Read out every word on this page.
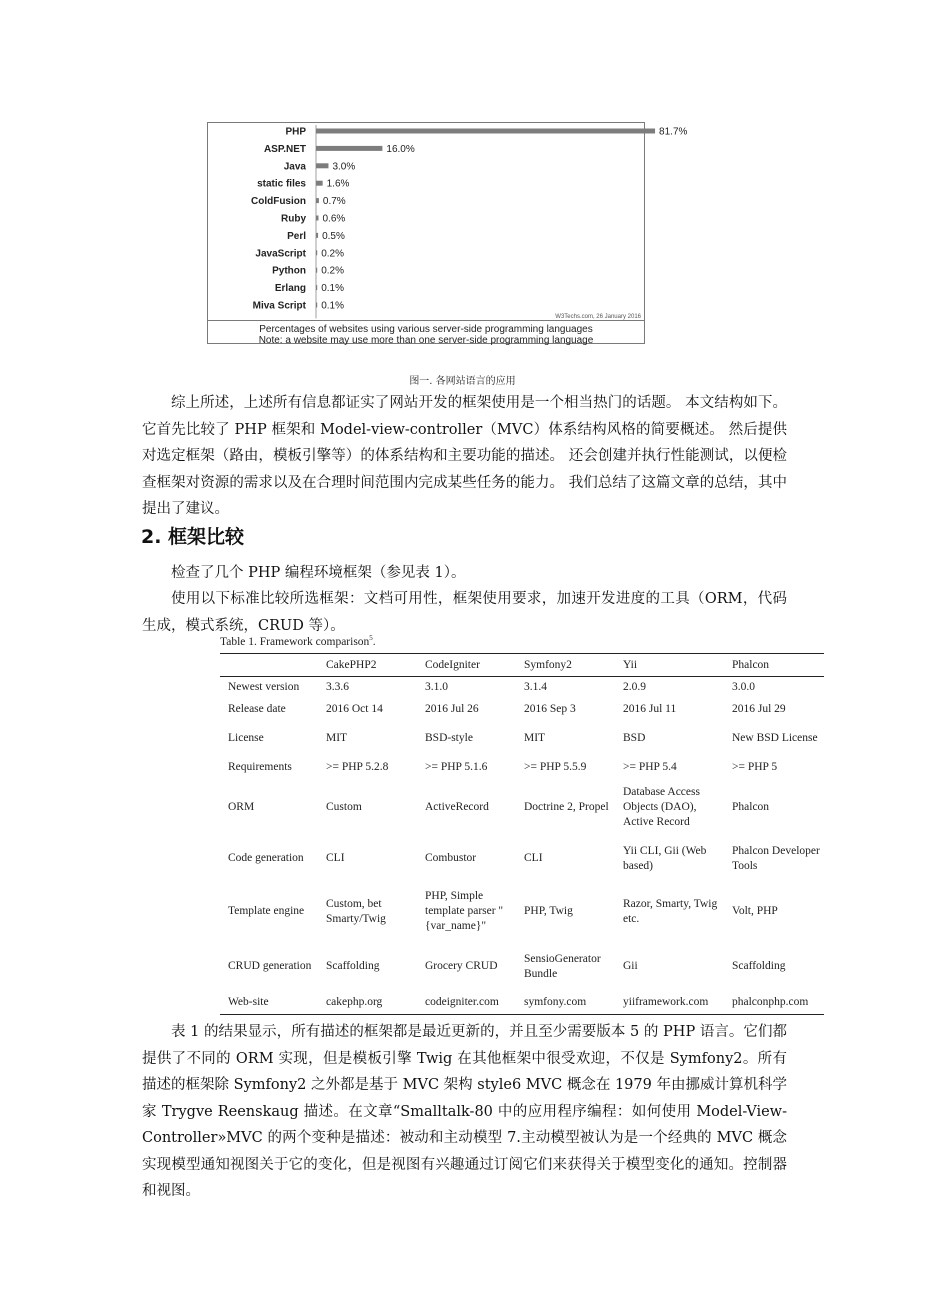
PHP	81.7%
ASP.NET	16.0%
Java	3.0%
static files 1.6%
ColdFusion 0.7%
Ruby 0.6%
Perl 0.5%
JavaScript 0.2%
Python 0.2%
Erlang 0.1%
Miva Script 0.1%
W3Techs.com, 26 January 2016
Percentages of websites using various server-side programming languages
Note: a website may use more than one server-side programming language
图一. 各网站语言的应用

综上所述，上述所有信息都证实了网站开发的框架使用是一个相当热门的话题。 本文结构如下。 它首先比较了 PHP 框架和 Model-view-controller（MVC）体系结构风格的简要概述。 然后提供对选定框架（路由，模板引擎等）的体系结构和主要功能的描述。 还会创建并执行性能测试，以便检查框架对资源的需求以及在合理时间范围内完成某些任务的能力。 我们总结了这篇文章的总结，其中提出了建议。

2. 框架比较

检查了几个 PHP 编程环境框架（参见表 1）。

使用以下标准比较所选框架：文档可用性，框架使用要求，加速开发进度的工具（ORM，代码生成，模式系统，CRUD 等）。

Table 1. Framework comparison$^5$.
	CakePHP2	CodeIgniter	Symfony2	Yii	Phalcon
Newest version	3.3.6	3.1.0	3.1.4	2.0.9	3.0.0
Release date	2016 Oct 14	2016 Jul 26	2016 Sep 3	2016 Jul 11	2016 Jul 29
License	MIT	BSD-style	MIT	BSD	New BSD License
Requirements	>= PHP 5.2.8	>= PHP 5.1.6	>= PHP 5.5.9	>= PHP 5.4	>= PHP 5
ORM	Custom	ActiveRecord	Doctrine 2, Propel	Database Access Objects (DAO), Active Record	Phalcon
Code generation	CLI	Combustor	CLI	Yii CLI, Gii (Web based)	Phalcon Developer Tools
Template engine	Custom, bet Smarty/Twig	PHP, Simple template parser "{var_name}"	PHP, Twig	Razor, Smarty, Twig etc.	Volt, PHP
CRUD generation	Scaffolding	Grocery CRUD	SensioGenerator Bundle	Gii	Scaffolding
Web-site	cakephp.org	codeigniter.com	symfony.com	yiiframework.com	phalconphp.com

表 1 的结果显示，所有描述的框架都是最近更新的，并且至少需要版本 5 的 PHP 语言。它们都提供了不同的 ORM 实现，但是模板引擎 Twig 在其他框架中很受欢迎，不仅是 Symfony2。所有描述的框架除 Symfony2 之外都是基于 MVC 架构 style6 MVC 概念在 1979 年由挪威计算机科学家 Trygve Reenskaug 描述。在文章“Smalltalk-80 中的应用程序编程：如何使用 Model-View-Controller»MVC 的两个变种是描述：被动和主动模型 7.主动模型被认为是一个经典的 MVC 概念实现模型通知视图关于它的变化，但是视图有兴趣通过订阅它们来获得关于模型变化的通知。控制器和视图。
